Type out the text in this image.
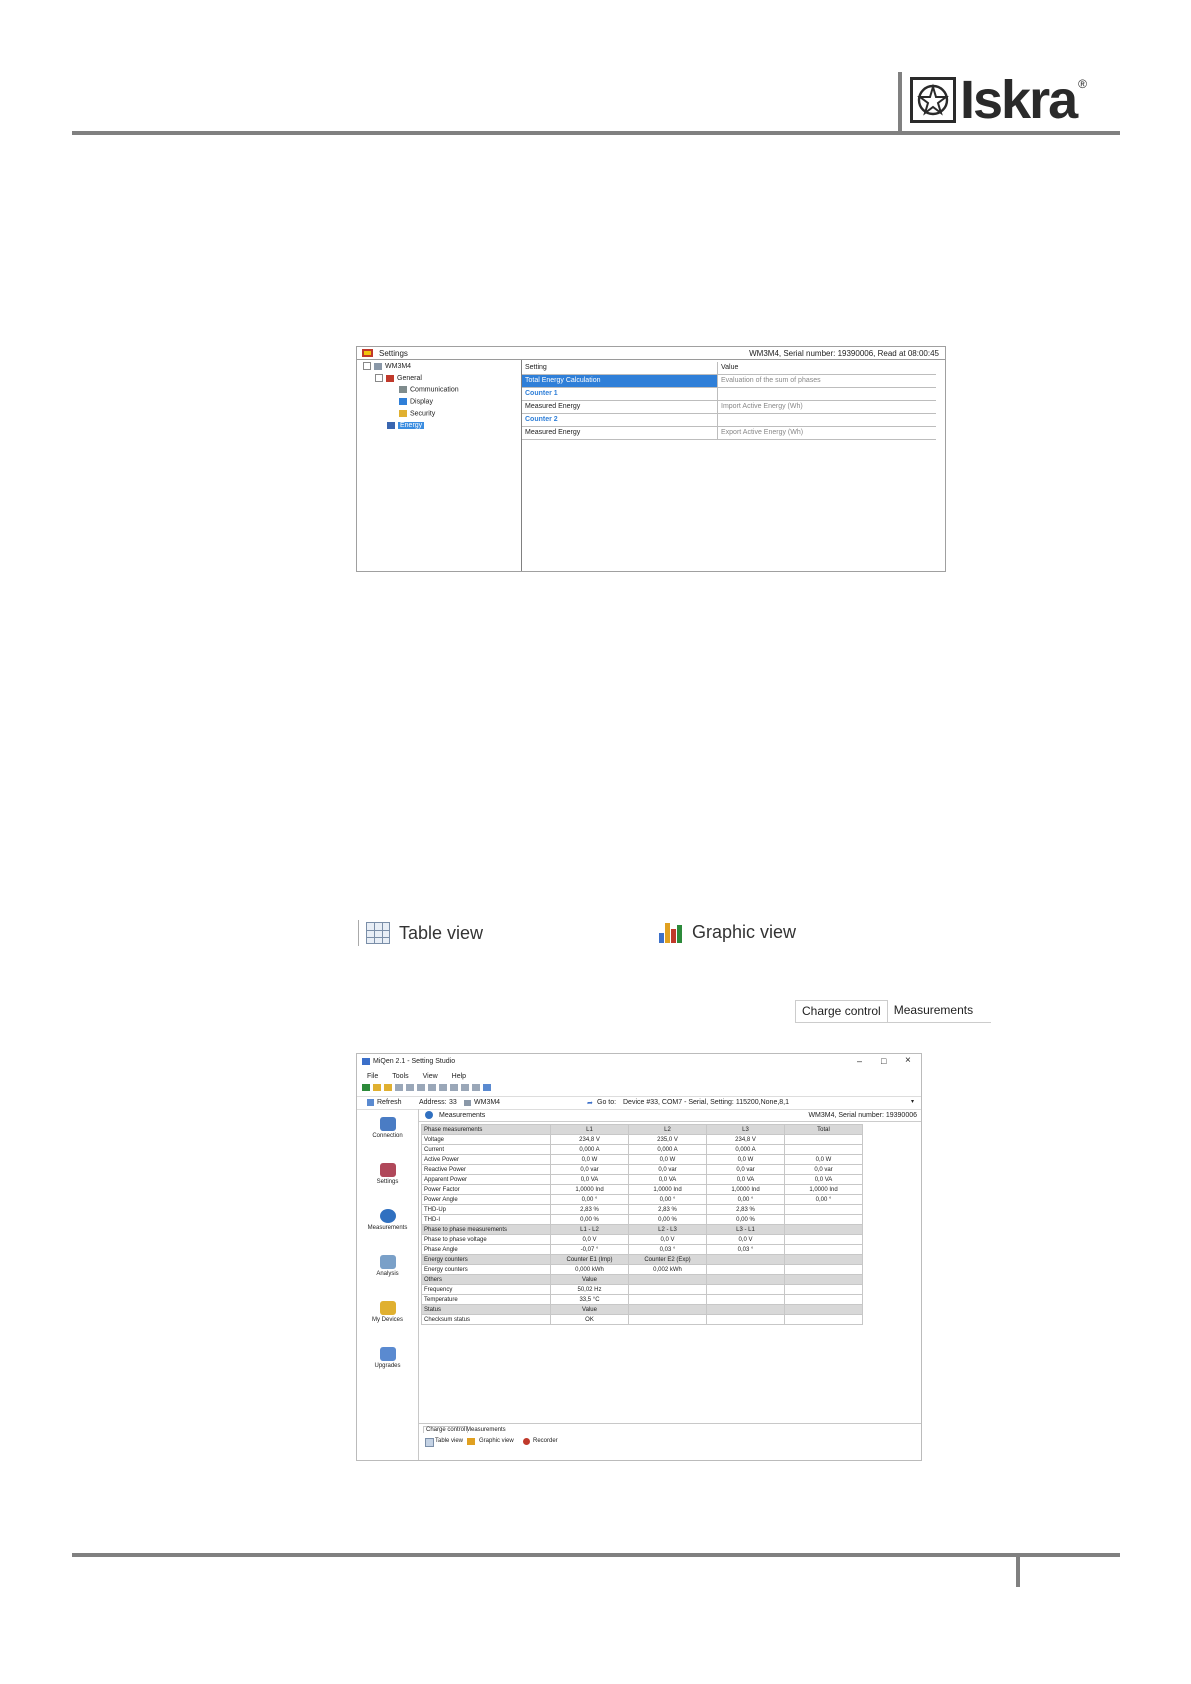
Iskra ®
Settings	WM3M4, Serial number: 19390006, Read at 08:00:45
WM3M4
General
Communication
Display
Security
Energy
Setting	Value
Total Energy Calculation	Evaluation of the sum of phases
Counter 1
Measured Energy	Import Active Energy (Wh)
Counter 2
Measured Energy	Export Active Energy (Wh)
Table view	Graphic view
Charge control	Measurements
MiQen 2.1 - Setting Studio	– □ ×
File Tools View Help
Refresh Address: 33 WM3M4	➦ Go to: Device #33, COM7 - Serial, Setting: 115200,None,8,1	▾
Connection
Settings
Measurements
Analysis
My Devices
Upgrades
Measurements	WM3M4, Serial number: 19390006
Phase measurements	L1	L2	L3	Total
Voltage	234,8 V	235,0 V	234,8 V	
Current	0,000 A	0,000 A	0,000 A	
Active Power	0,0 W	0,0 W	0,0 W	0,0 W
Reactive Power	0,0 var	0,0 var	0,0 var	0,0 var
Apparent Power	0,0 VA	0,0 VA	0,0 VA	0,0 VA
Power Factor	1,0000 Ind	1,0000 Ind	1,0000 Ind	1,0000 Ind
Power Angle	0,00 °	0,00 °	0,00 °	0,00 °
THD-Up	2,83 %	2,83 %	2,83 %	
THD-I	0,00 %	0,00 %	0,00 %	
Phase to phase measurements	L1 - L2	L2 - L3	L3 - L1	
Phase to phase voltage	0,0 V	0,0 V	0,0 V	
Phase Angle	-0,07 °	0,03 °	0,03 °	
Energy counters	Counter E1 (Imp)	Counter E2 (Exp)		
Energy counters	0,000 kWh	0,002 kWh		
Others	Value			
Frequency	50,02 Hz			
Temperature	33,5 °C			
Status	Value			
Checksum status	OK			
Charge control Measurements
Table view	Graphic view	Recorder
